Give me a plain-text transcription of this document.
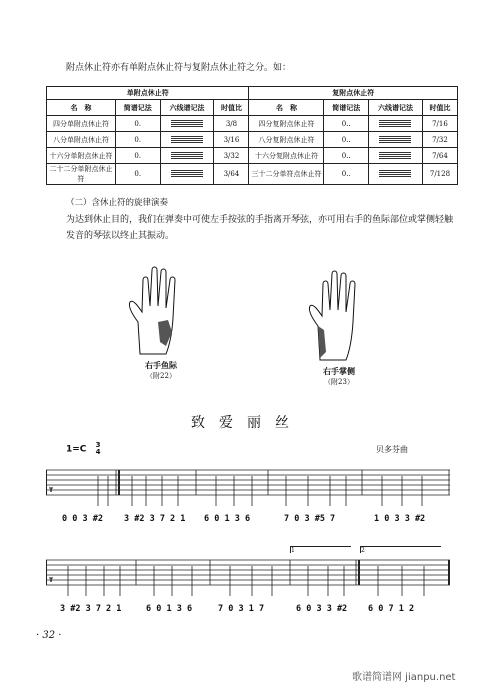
附点休止符亦有单附点休止符与复附点休止符之分。如：
单附点休止符				复附点休止符			
名　称	简谱记法	六线谱记法	时值比	名　称	简谱记法	六线谱记法	时值比
四分单附点休止符	0.		3/8	四分复附点休止符	0..		7/16
八分单附点休止符	0.		3/16	八分复附点休止符	0..		7/32
十六分单附点休止符	0.		3/32	十六分复附点休止符	0..		7/64
二十二分单附点休止符	0.		3/64	三十二分单符点休止符	0..		7/128
（二）含休止符的旋律演奏
为达到休止目的，我们在弹奏中可使左手按弦的手指离开琴弦，亦可用右手的鱼际部位或掌侧轻触发音的琴弦以终止其振动。
右手鱼际
（附22）	右手掌侧
（附23）
致爱丽丝
1=C 3
4	贝多芬曲
T
0 0 3 #2	3 #2 3 7 2 1	6 0 1 3 6	7 0 3 #5 7	1 0 3 3 #2
1	2
T
3 #2 3 7 2 1	6 0 1 3 6	7 0 3 1 7	6 0 3 3 #2	6 0 7 1 2
· 32 ·
歌谱简谱网 jianpu.net
